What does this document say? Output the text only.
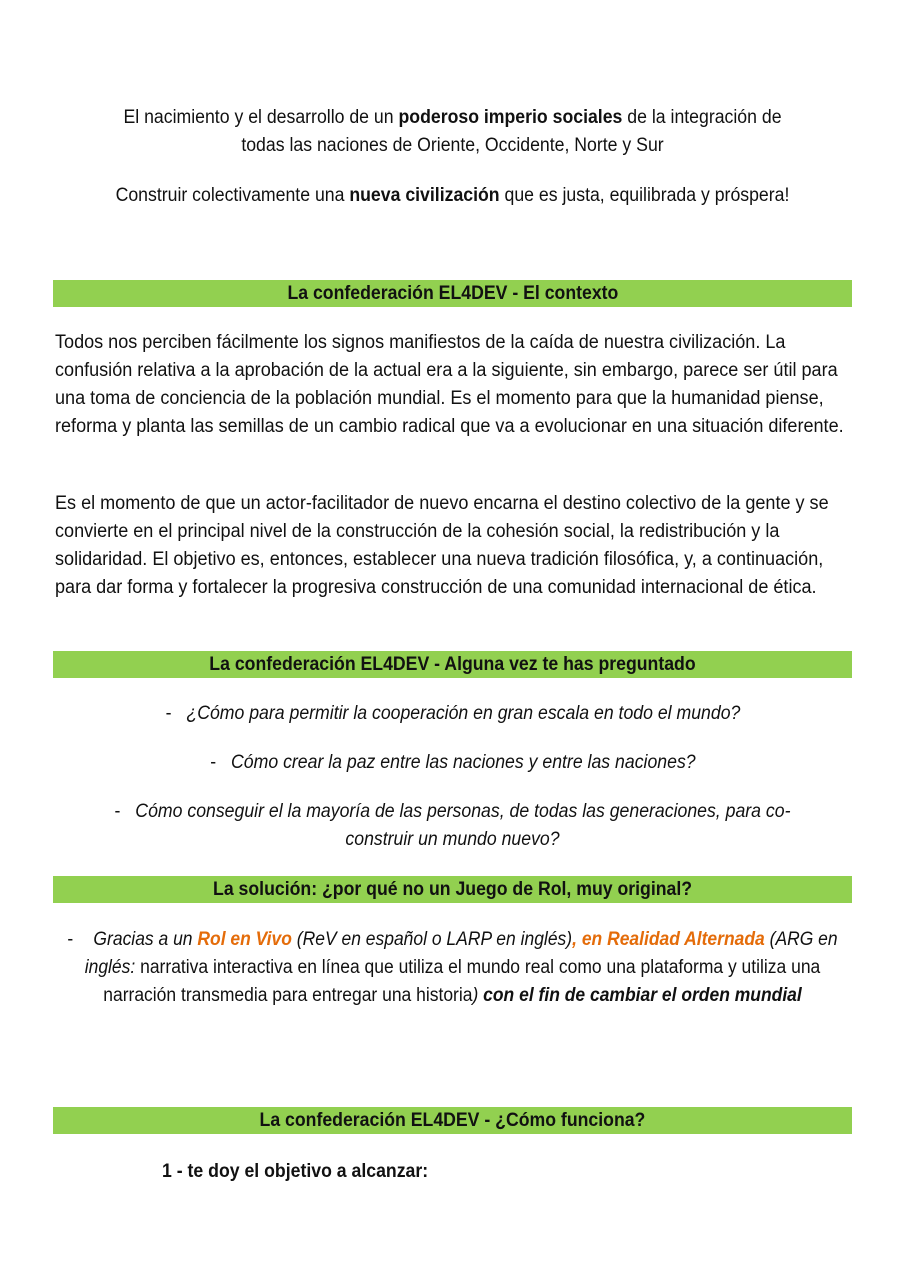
El nacimiento y el desarrollo de un poderoso imperio sociales de la integración de
todas las naciones de Oriente, Occidente, Norte y Sur
Construir colectivamente una nueva civilización que es justa, equilibrada y próspera!
La confederación EL4DEV - El contexto
Todos nos perciben fácilmente los signos manifiestos de la caída de nuestra civilización. La confusión relativa a la aprobación de la actual era a la siguiente, sin embargo, parece ser útil para una toma de conciencia de la población mundial. Es el momento para que la humanidad piense, reforma y planta las semillas de un cambio radical que va a evolucionar en una situación diferente.
Es el momento de que un actor-facilitador de nuevo encarna el destino colectivo de la gente y se convierte en el principal nivel de la construcción de la cohesión social, la redistribución y la solidaridad. El objetivo es, entonces, establecer una nueva tradición filosófica, y, a continuación, para dar forma y fortalecer la progresiva construcción de una comunidad internacional de ética.
La confederación EL4DEV - Alguna vez te has preguntado
- ¿Cómo para permitir la cooperación en gran escala en todo el mundo?
- Cómo crear la paz entre las naciones y entre las naciones?
- Cómo conseguir el la mayoría de las personas, de todas las generaciones, para co-
construir un mundo nuevo?
La solución: ¿por qué no un Juego de Rol, muy original?
- Gracias a un Rol en Vivo (ReV en español o LARP en inglés), en Realidad Alternada (ARG en inglés: narrativa interactiva en línea que utiliza el mundo real como una plataforma y utiliza una narración transmedia para entregar una historia) con el fin de cambiar el orden mundial
La confederación EL4DEV - ¿Cómo funciona?
1 - te doy el objetivo a alcanzar:
